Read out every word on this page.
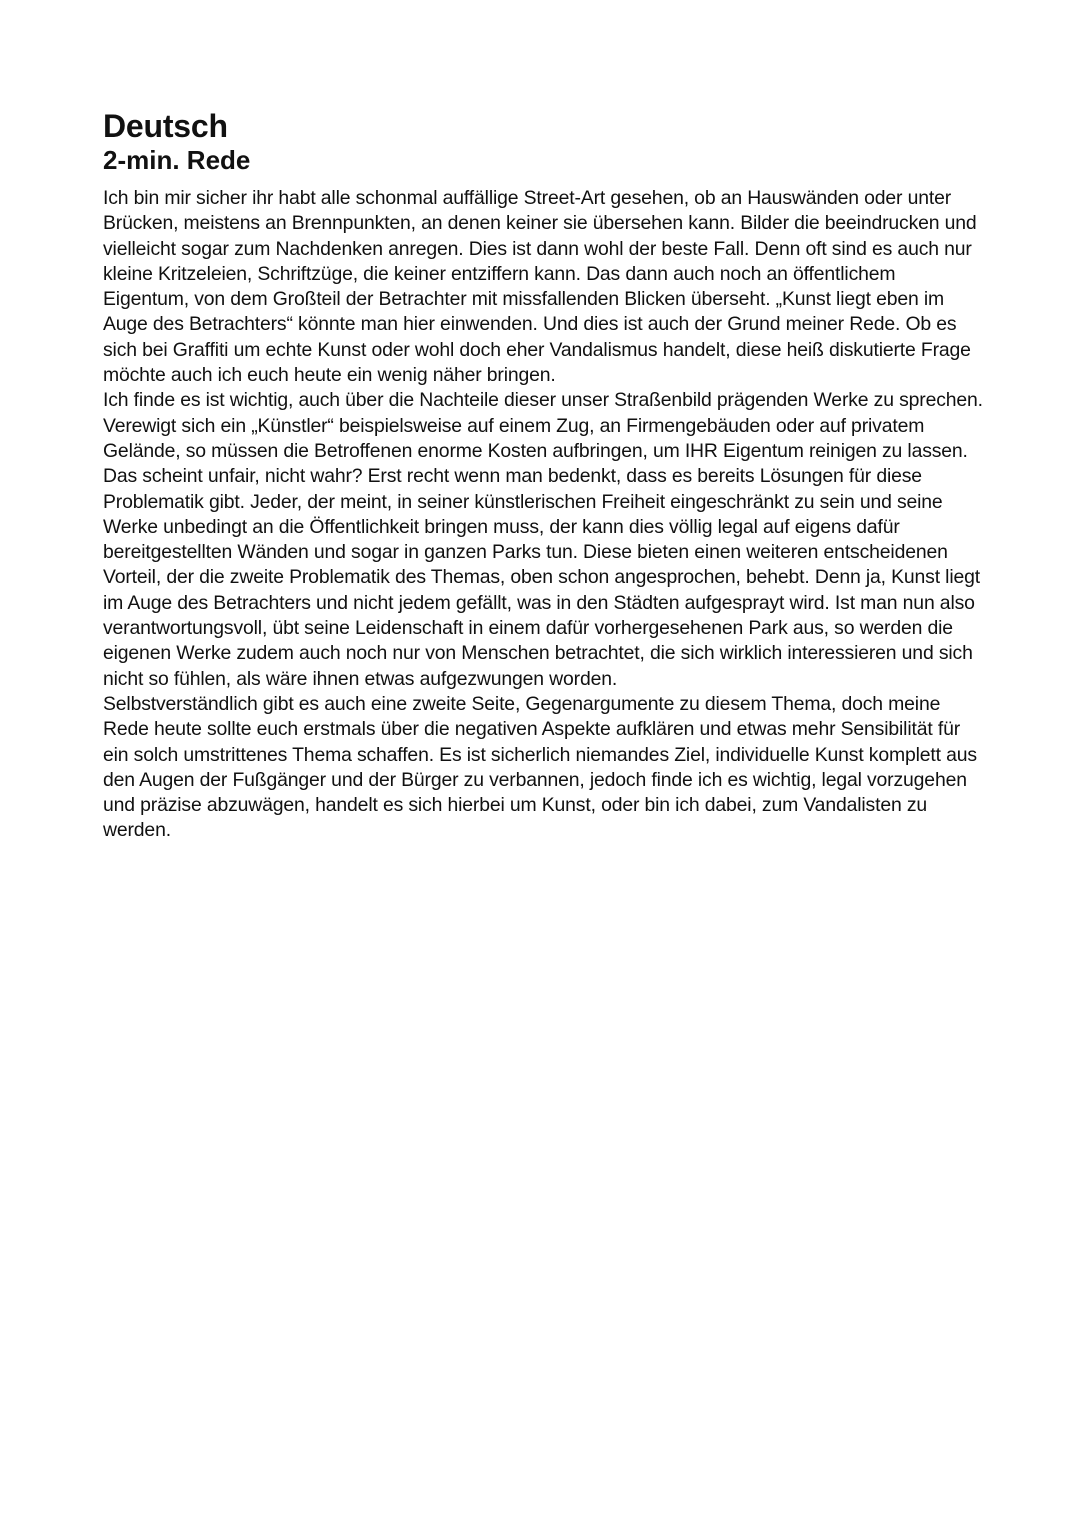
Deutsch
2-min. Rede

Ich bin mir sicher ihr habt alle schonmal auffällige Street-Art gesehen, ob an Hauswänden oder unter Brücken, meistens an Brennpunkten, an denen keiner sie übersehen kann. Bilder die beeindrucken und vielleicht sogar zum Nachdenken anregen. Dies ist dann wohl der beste Fall. Denn oft sind es auch nur kleine Kritzeleien, Schriftzüge, die keiner entziffern kann. Das dann auch noch an öffentlichem Eigentum, von dem Großteil der Betrachter mit missfallenden Blicken überseht. „Kunst liegt eben im Auge des Betrachters“ könnte man hier einwenden. Und dies ist auch der Grund meiner Rede. Ob es sich bei Graffiti um echte Kunst oder wohl doch eher Vandalismus handelt, diese heiß diskutierte Frage möchte auch ich euch heute ein wenig näher bringen.

Ich finde es ist wichtig, auch über die Nachteile dieser unser Straßenbild prägenden Werke zu sprechen. Verewigt sich ein „Künstler“ beispielsweise auf einem Zug, an Firmengebäuden oder auf privatem Gelände, so müssen die Betroffenen enorme Kosten aufbringen, um IHR Eigentum reinigen zu lassen. Das scheint unfair, nicht wahr? Erst recht wenn man bedenkt, dass es bereits Lösungen für diese Problematik gibt. Jeder, der meint, in seiner künstlerischen Freiheit eingeschränkt zu sein und seine Werke unbedingt an die Öffentlichkeit bringen muss, der kann dies völlig legal auf eigens dafür bereitgestellten Wänden und sogar in ganzen Parks tun. Diese bieten einen weiteren entscheidenen Vorteil, der die zweite Problematik des Themas, oben schon angesprochen, behebt. Denn ja, Kunst liegt im Auge des Betrachters und nicht jedem gefällt, was in den Städten aufgesprayt wird. Ist man nun also verantwortungsvoll, übt seine Leidenschaft in einem dafür vorhergesehenen Park aus, so werden die eigenen Werke zudem auch noch nur von Menschen betrachtet, die sich wirklich interessieren und sich nicht so fühlen, als wäre ihnen etwas aufgezwungen worden.

Selbstverständlich gibt es auch eine zweite Seite, Gegenargumente zu diesem Thema, doch meine Rede heute sollte euch erstmals über die negativen Aspekte aufklären und etwas mehr Sensibilität für ein solch umstrittenes Thema schaffen. Es ist sicherlich niemandes Ziel, individuelle Kunst komplett aus den Augen der Fußgänger und der Bürger zu verbannen, jedoch finde ich es wichtig, legal vorzugehen und präzise abzuwägen, handelt es sich hierbei um Kunst, oder bin ich dabei, zum Vandalisten zu werden.
